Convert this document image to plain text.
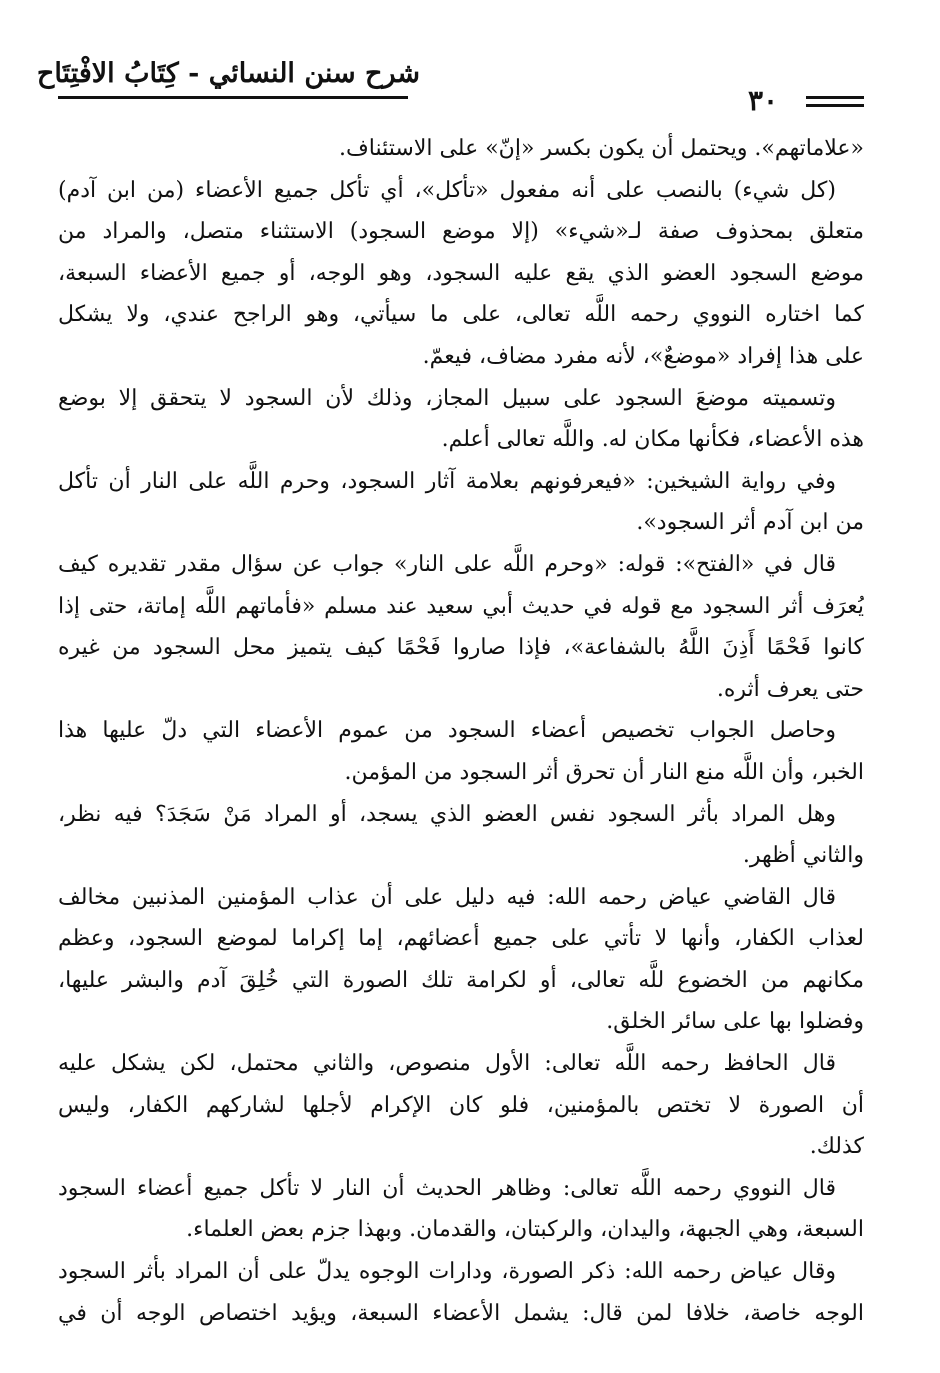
شرح سنن النسائي - كِتَابُ الافْتِتَاح
٣٠
«علاماتهم». ويحتمل أن يكون بكسر «إنّ» على الاستئناف.
(كل شيء) بالنصب على أنه مفعول «تأكل»، أي تأكل جميع الأعضاء (من ابن آدم)
متعلق بمحذوف صفة لـ«شيء» (إلا موضع السجود) الاستثناء متصل، والمراد من
موضع السجود العضو الذي يقع عليه السجود، وهو الوجه، أو جميع الأعضاء السبعة،
كما اختاره النووي رحمه اللَّه تعالى، على ما سيأتي، وهو الراجح عندي، ولا يشكل
على هذا إفراد «موضعٌ»، لأنه مفرد مضاف، فيعمّ.
وتسميته موضعَ السجود على سبيل المجاز، وذلك لأن السجود لا يتحقق إلا بوضع
هذه الأعضاء، فكأنها مكان له. واللَّه تعالى أعلم.
وفي رواية الشيخين: «فيعرفونهم بعلامة آثار السجود، وحرم اللَّه على النار أن تأكل
من ابن آدم أثر السجود».
قال في «الفتح»: قوله: «وحرم اللَّه على النار» جواب عن سؤال مقدر تقديره كيف
يُعرَف أثر السجود مع قوله في حديث أبي سعيد عند مسلم «فأماتهم اللَّه إماتة، حتى إذا
كانوا فَحْمًا أَذِنَ اللَّهُ بالشفاعة»، فإذا صاروا فَحْمًا كيف يتميز محل السجود من غيره
حتى يعرف أثره.
وحاصل الجواب تخصيص أعضاء السجود من عموم الأعضاء التي دلّ عليها هذا
الخبر، وأن اللَّه منع النار أن تحرق أثر السجود من المؤمن.
وهل المراد بأثر السجود نفس العضو الذي يسجد، أو المراد مَنْ سَجَدَ؟ فيه نظر،
والثاني أظهر.
قال القاضي عياض رحمه الله: فيه دليل على أن عذاب المؤمنين المذنبين مخالف
لعذاب الكفار، وأنها لا تأتي على جميع أعضائهم، إما إكراما لموضع السجود، وعظم
مكانهم من الخضوع للَّه تعالى، أو لكرامة تلك الصورة التي خُلِقَ آدم والبشر عليها،
وفضلوا بها على سائر الخلق.
قال الحافظ رحمه اللَّه تعالى: الأول منصوص، والثاني محتمل، لكن يشكل عليه
أن الصورة لا تختص بالمؤمنين، فلو كان الإكرام لأجلها لشاركهم الكفار، وليس
كذلك.
قال النووي رحمه اللَّه تعالى: وظاهر الحديث أن النار لا تأكل جميع أعضاء السجود
السبعة، وهي الجبهة، واليدان، والركبتان، والقدمان. وبهذا جزم بعض العلماء.
وقال عياض رحمه الله: ذكر الصورة، ودارات الوجوه يدلّ على أن المراد بأثر السجود
الوجه خاصة، خلافا لمن قال: يشمل الأعضاء السبعة، ويؤيد اختصاص الوجه أن في
